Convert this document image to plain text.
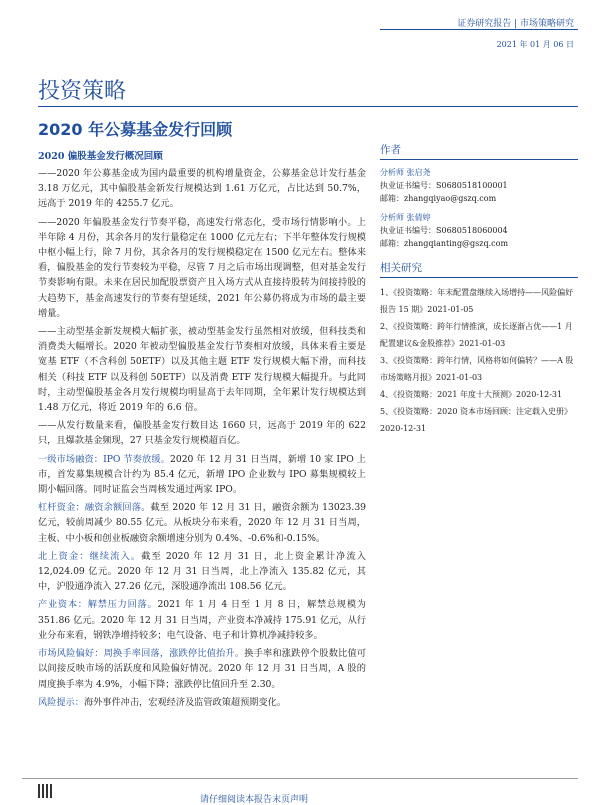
证券研究报告 | 市场策略研究
2021 年 01 月 06 日
投资策略
2020 年公募基金发行回顾
2020 偏股基金发行概况回顾

——2020 年公募基金成为国内最重要的机构增量资金，公募基金总计发行基金 3.18 万亿元，其中偏股基金新发行规模达到 1.61 万亿元，占比达到 50.7%，远高于 2019 年的 4255.7 亿元。

——2020 年偏股基金发行节奏平稳，高速发行常态化，受市场行情影响小。上半年除 4 月份，其余各月的发行量稳定在 1000 亿元左右；下半年整体发行规模中枢小幅上行，除 7 月份，其余各月的发行规模稳定在 1500 亿元左右。整体来看，偏股基金的发行节奏较为平稳，尽管 7 月之后市场出现调整，但对基金发行节奏影响有限。未来在居民加配股票资产且入场方式从直接持股转为间接持股的大趋势下，基金高速发行的节奏有望延续，2021 年公募仍将成为市场的最主要增量。

——主动型基金新发规模大幅扩张，被动型基金发行虽然相对放缓，但科技类和消费类大幅增长。2020 年被动型偏股基金发行节奏相对放缓，具体来看主要是宽基 ETF（不含科创 50ETF）以及其他主题 ETF 发行规模大幅下滑，而科技相关（科技 ETF 以及科创 50ETF）以及消费 ETF 发行规模大幅提升。与此同时，主动型偏股基金各月发行规模均明显高于去年同期，全年累计发行规模达到 1.48 万亿元，将近 2019 年的 6.6 倍。

——从发行数量来看，偏股基金发行数目达 1660 只，远高于 2019 年的 622 只，且爆款基金频现，27 只基金发行规模超百亿。

一级市场融资：IPO 节奏放缓。2020 年 12 月 31 日当周，新增 10 家 IPO 上市，首发募集规模合计约为 85.4 亿元，新增 IPO 企业数与 IPO 募集规模较上期小幅回落。同时证监会当周核发通过两家 IPO。

杠杆资金：融资余额回落。截至 2020 年 12 月 31 日，融资余额为 13023.39 亿元，较前周减少 80.55 亿元。从板块分布来看，2020 年 12 月 31 日当周，主板、中小板和创业板融资余额增速分别为 0.4%、-0.6%和-0.15%。

北上资金：继续流入。截至 2020 年 12 月 31 日，北上资金累计净流入 12,024.09 亿元。2020 年 12 月 31 日当周，北上净流入 135.82 亿元，其中，沪股通净流入 27.26 亿元，深股通净流出 108.56 亿元。

产业资本：解禁压力回落。2021 年 1 月 4 日至 1 月 8 日，解禁总规模为 351.86 亿元。2020 年 12 月 31 日当周，产业资本净减持 175.91 亿元，从行业分布来看，钢铁净增持较多；电气设备、电子和计算机净减持较多。

市场风险偏好：周换手率回落，涨跌停比值抬升。换手率和涨跌停个股数比值可以间接反映市场的活跃度和风险偏好情况。2020 年 12 月 31 日当周，A 股的周度换手率为 4.9%，小幅下降；涨跌停比值回升至 2.30。

风险提示：海外事件冲击，宏观经济及监管政策超预期变化。

作者
分析师 张启尧
执业证书编号：S0680518100001
邮箱：zhangqiyao@gszq.com
分析师 张倩婷
执业证书编号：S0680518060004
邮箱：zhangqianting@gszq.com
相关研究
1、《投资策略：年末配置盘继续入场增持——风险偏好报告 15 期》2021-01-05
2、《投资策略：跨年行情推演，成长逐渐占优——1 月配置建议&金股推荐》2021-01-03
3、《投资策略：跨年行情，风格将如何偏转？——A 股市场策略月报》2021-01-03
4、《投资策略：2021 年度十大预测》2020-12-31
5、《投资策略：2020 资本市场回顾：注定载入史册》2020-12-31
请仔细阅读本报告末页声明
